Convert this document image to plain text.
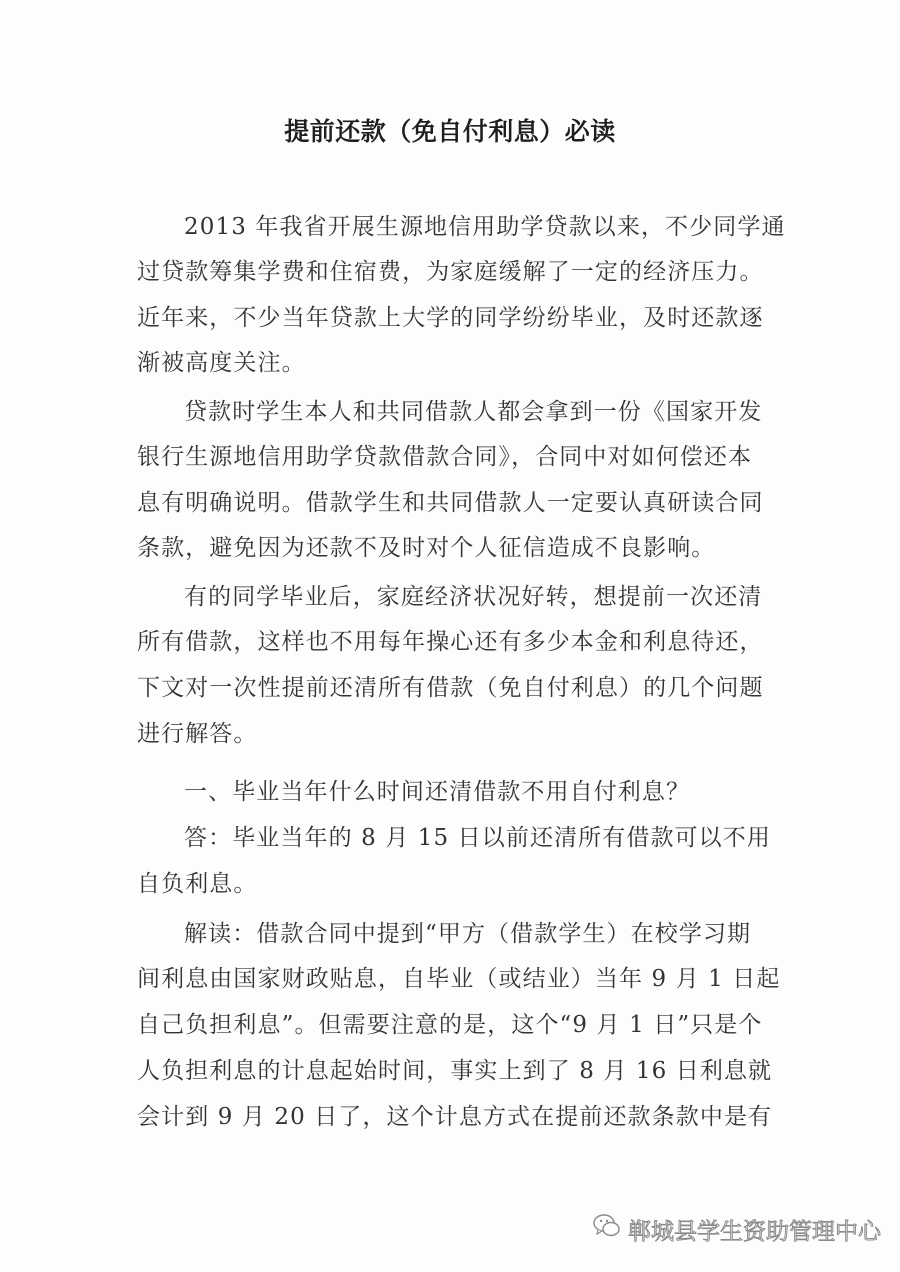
提前还款（免自付利息）必读
2013 年我省开展生源地信用助学贷款以来，不少同学通
过贷款筹集学费和住宿费，为家庭缓解了一定的经济压力。
近年来，不少当年贷款上大学的同学纷纷毕业，及时还款逐
渐被高度关注。
贷款时学生本人和共同借款人都会拿到一份《国家开发
银行生源地信用助学贷款借款合同》，合同中对如何偿还本
息有明确说明。借款学生和共同借款人一定要认真研读合同
条款，避免因为还款不及时对个人征信造成不良影响。
有的同学毕业后，家庭经济状况好转，想提前一次还清
所有借款，这样也不用每年操心还有多少本金和利息待还，
下文对一次性提前还清所有借款（免自付利息）的几个问题
进行解答。
一、毕业当年什么时间还清借款不用自付利息？
答：毕业当年的 8 月 15 日以前还清所有借款可以不用
自负利息。
解读：借款合同中提到“甲方（借款学生）在校学习期
间利息由国家财政贴息，自毕业（或结业）当年 9 月 1 日起
自己负担利息”。但需要注意的是，这个“9 月 1 日”只是个
人负担利息的计息起始时间，事实上到了 8 月 16 日利息就
会计到 9 月 20 日了，这个计息方式在提前还款条款中是有
郸城县学生资助管理中心
